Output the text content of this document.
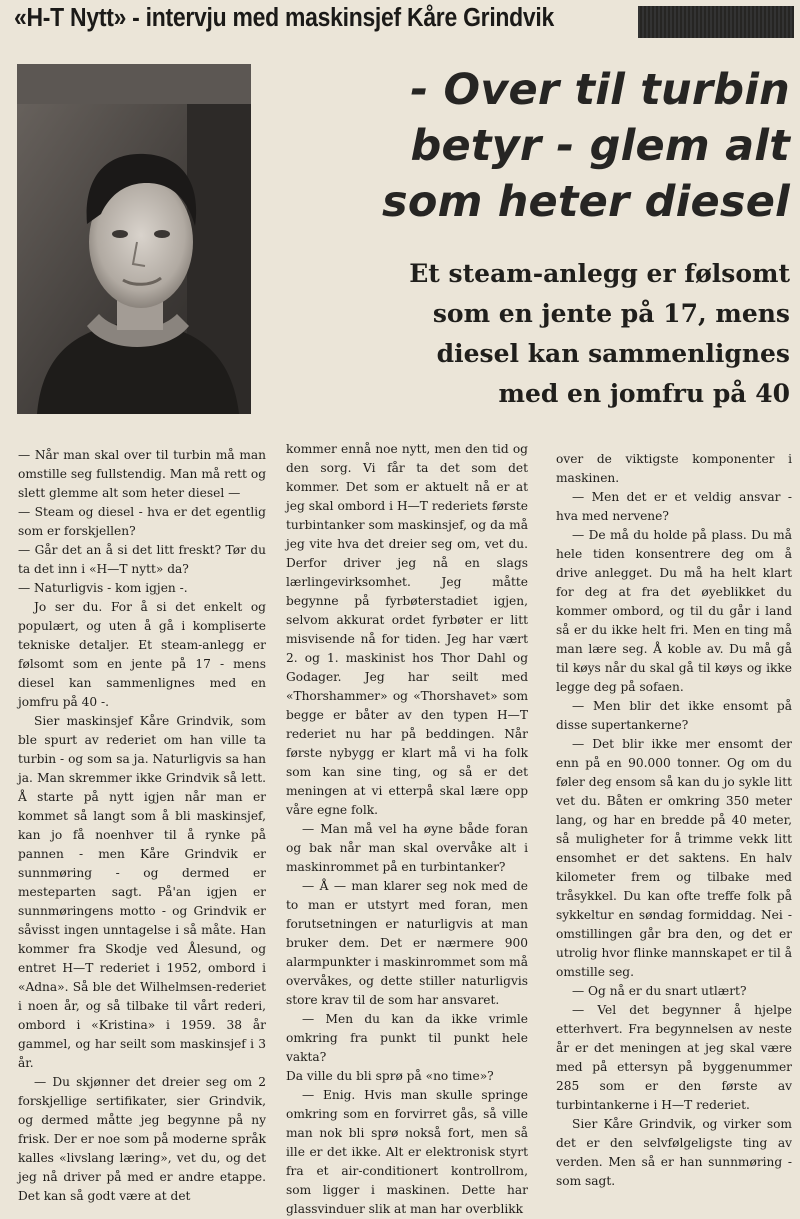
«H-T Nytt» - intervju med maskinsjef Kåre Grindvik
- Over til turbin
betyr - glem alt
som heter diesel
Et steam-anlegg er følsomt
som en jente på 17, mens
diesel kan sammenlignes
med en jomfru på 40

— Når man skal over til turbin må man omstille seg fullstendig. Man må rett og slett glemme alt som heter diesel —

— Steam og diesel - hva er det egentlig som er forskjellen?

— Går det an å si det litt freskt? Tør du ta det inn i «H—T nytt» da?

— Naturligvis - kom igjen -.

Jo ser du. For å si det enkelt og populært, og uten å gå i kompliserte tekniske detaljer. Et steam-anlegg er følsomt som en jente på 17 - mens diesel kan sammenlignes med en jomfru på 40 -.

Sier maskinsjef Kåre Grindvik, som ble spurt av rederiet om han ville ta turbin - og som sa ja. Naturligvis sa han ja. Man skremmer ikke Grindvik så lett. Å starte på nytt igjen når man er kommet så langt som å bli maskinsjef, kan jo få noenhver til å rynke på pannen - men Kåre Grindvik er sunnmøring - og dermed er mesteparten sagt. På'an igjen er sunnmøringens motto - og Grindvik er såvisst ingen unntagelse i så måte. Han kommer fra Skodje ved Ålesund, og entret H—T rederiet i 1952, ombord i «Adna». Så ble det Wilhelmsen-rederiet i noen år, og så tilbake til vårt rederi, ombord i «Kristina» i 1959. 38 år gammel, og har seilt som maskinsjef i 3 år.

— Du skjønner det dreier seg om 2 forskjellige sertifikater, sier Grindvik, og dermed måtte jeg begynne på ny frisk. Der er noe som på moderne språk kalles «livslang læring», vet du, og det jeg nå driver på med er andre etappe. Det kan så godt være at det

kommer ennå noe nytt, men den tid og den sorg. Vi får ta det som det kommer. Det som er aktuelt nå er at jeg skal ombord i H—T rederiets første turbintanker som maskinsjef, og da må jeg vite hva det dreier seg om, vet du. Derfor driver jeg nå en slags lærlingevirksomhet. Jeg måtte begynne på fyrbøterstadiet igjen, selvom akkurat ordet fyrbøter er litt misvisende nå for tiden. Jeg har vært 2. og 1. maskinist hos Thor Dahl og Godager. Jeg har seilt med «Thorshammer» og «Thorshavet» som begge er båter av den typen H—T rederiet nu har på beddingen. Når første nybygg er klart må vi ha folk som kan sine ting, og så er det meningen at vi etterpå skal lære opp våre egne folk.

— Man må vel ha øyne både foran og bak når man skal overvåke alt i maskinrommet på en turbintanker?

— Å — man klarer seg nok med de to man er utstyrt med foran, men forutsetningen er naturligvis at man bruker dem. Det er nærmere 900 alarmpunkter i maskinrommet som må overvåkes, og dette stiller naturligvis store krav til de som har ansvaret.

— Men du kan da ikke vrimle omkring fra punkt til punkt hele vakta?

Da ville du bli sprø på «no time»?

— Enig. Hvis man skulle springe omkring som en forvirret gås, så ville man nok bli sprø nokså fort, men så ille er det ikke. Alt er elektronisk styrt fra et air-conditionert kontrollrom, som ligger i maskinen. Dette har glassvinduer slik at man har overblikk

over de viktigste komponenter i maskinen.

— Men det er et veldig ansvar - hva med nervene?

— De må du holde på plass. Du må hele tiden konsentrere deg om å drive anlegget. Du må ha helt klart for deg at fra det øyeblikket du kommer ombord, og til du går i land så er du ikke helt fri. Men en ting må man lære seg. Å koble av. Du må gå til køys når du skal gå til køys og ikke legge deg på sofaen.

— Men blir det ikke ensomt på disse supertankerne?

— Det blir ikke mer ensomt der enn på en 90.000 tonner. Og om du føler deg ensom så kan du jo sykle litt vet du. Båten er omkring 350 meter lang, og har en bredde på 40 meter, så muligheter for å trimme vekk litt ensomhet er det saktens. En halv kilometer frem og tilbake med tråsykkel. Du kan ofte treffe folk på sykkeltur en søndag formiddag. Nei - omstillingen går bra den, og det er utrolig hvor flinke mannskapet er til å omstille seg.

— Og nå er du snart utlært?

— Vel det begynner å hjelpe etterhvert. Fra begynnelsen av neste år er det meningen at jeg skal være med på ettersyn på byggenummer 285 som er den første av turbintankerne i H—T rederiet.

Sier Kåre Grindvik, og virker som det er den selvfølgeligste ting av verden. Men så er han sunnmøring - som sagt.
